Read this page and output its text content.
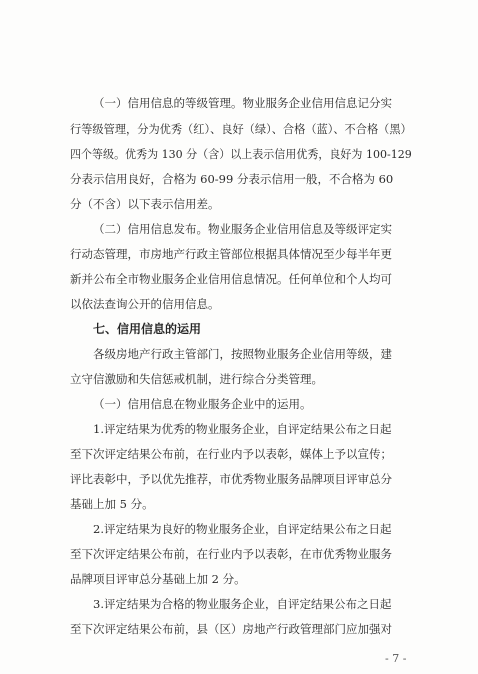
（一）信用信息的等级管理。物业服务企业信用信息记分实
行等级管理，分为优秀（红）、良好（绿）、合格（蓝）、不合格（黑）
四个等级。优秀为 130 分（含）以上表示信用优秀，良好为 100-129
分表示信用良好，合格为 60-99 分表示信用一般，不合格为 60
分（不含）以下表示信用差。
（二）信用信息发布。物业服务企业信用信息及等级评定实
行动态管理，市房地产行政主管部位根据具体情况至少每半年更
新并公布全市物业服务企业信用信息情况。任何单位和个人均可
以依法查询公开的信用信息。
七、信用信息的运用
各级房地产行政主管部门，按照物业服务企业信用等级，建
立守信激励和失信惩戒机制，进行综合分类管理。
（一）信用信息在物业服务企业中的运用。
1.评定结果为优秀的物业服务企业，自评定结果公布之日起
至下次评定结果公布前，在行业内予以表彰，媒体上予以宣传；
评比表彰中，予以优先推荐，市优秀物业服务品牌项目评审总分
基础上加 5 分。
2.评定结果为良好的物业服务企业，自评定结果公布之日起
至下次评定结果公布前，在行业内予以表彰，在市优秀物业服务
品牌项目评审总分基础上加 2 分。
3.评定结果为合格的物业服务企业，自评定结果公布之日起
至下次评定结果公布前，县（区）房地产行政管理部门应加强对
- 7 -
